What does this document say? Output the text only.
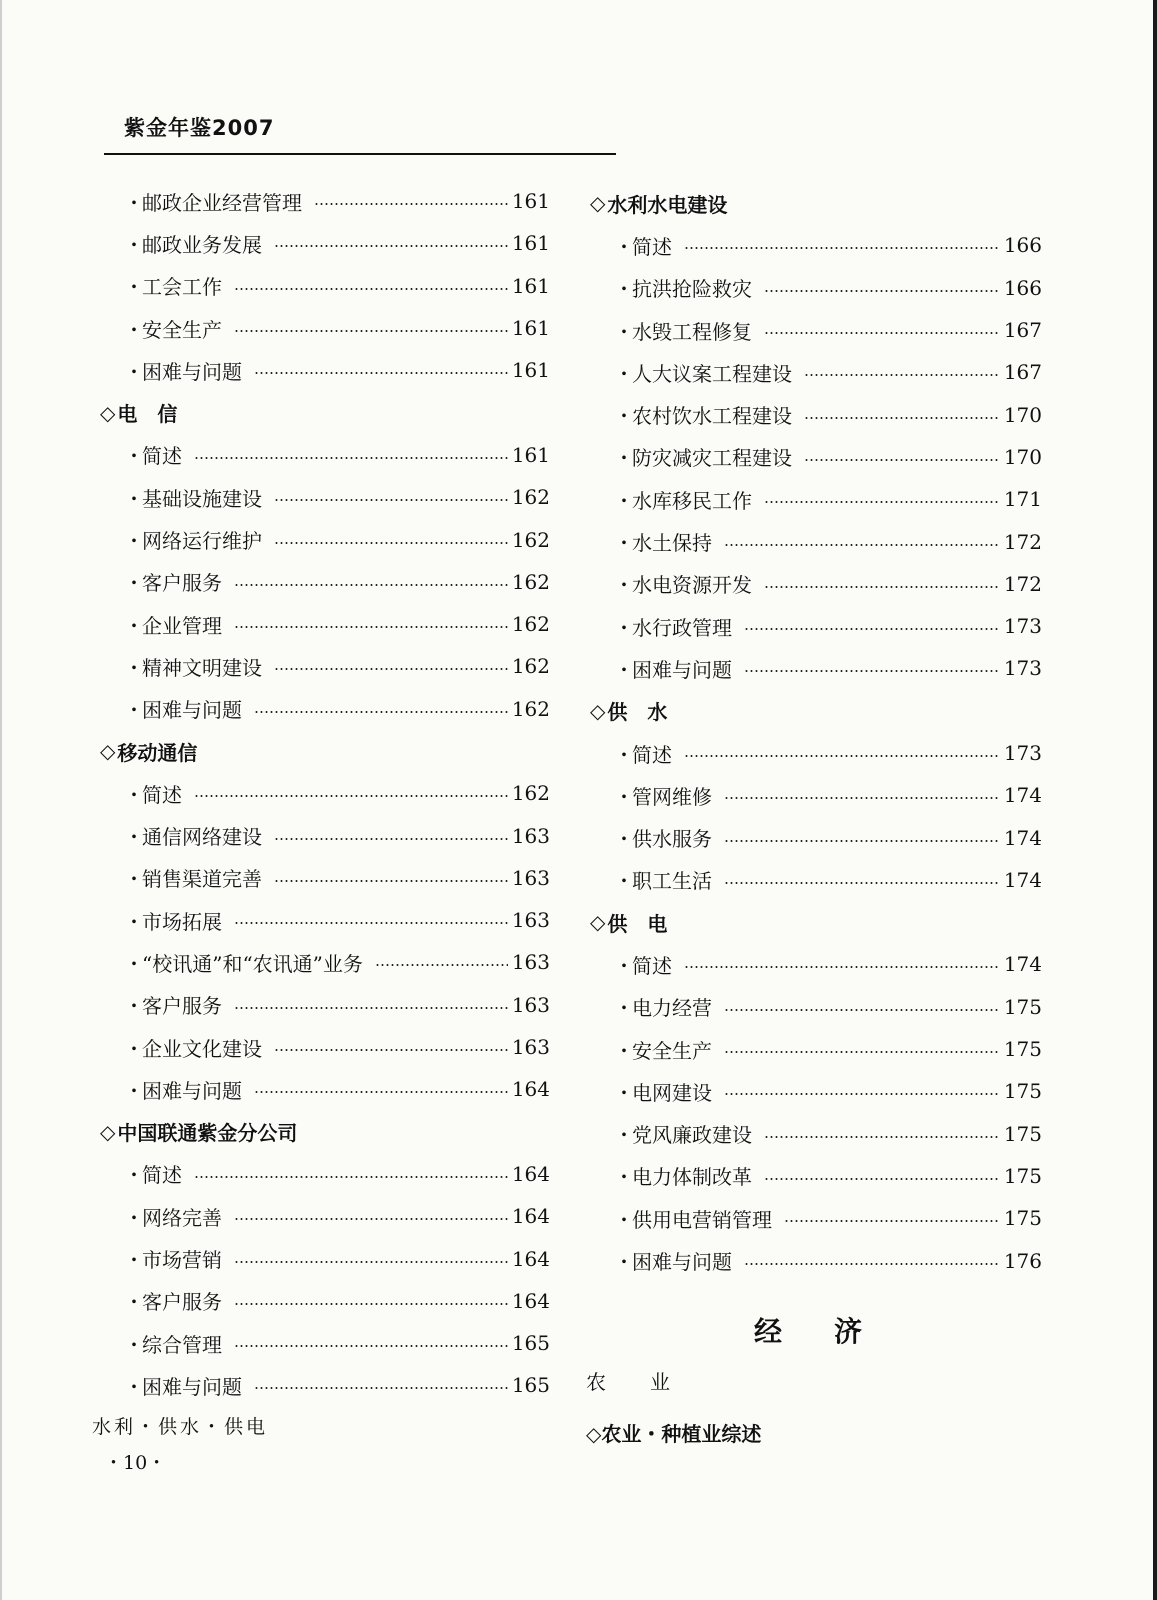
紫金年鉴2007
・
邮政企业经营管理	161
・
邮政业务发展	161
・
工会工作	161
・
安全生产	161
・
困难与问题	161
◇ 电　信
・
简述	161
・
基础设施建设	162
・
网络运行维护	162
・
客户服务	162
・
企业管理	162
・
精神文明建设	162
・
困难与问题	162
◇ 移动通信
・
简述	162
・
通信网络建设	163
・
销售渠道完善	163
・
市场拓展	163
・
“校讯通”和“农讯通”业务	163
・
客户服务	163
・
企业文化建设	163
・
困难与问题	164
◇ 中国联通紫金分公司
・
简述	164
・
网络完善	164
・
市场营销	164
・
客户服务	164
・
综合管理	165
・
困难与问题	165
◇ 水利水电建设
・
简述	166
・
抗洪抢险救灾	166
・
水毁工程修复	167
・
人大议案工程建设	167
・
农村饮水工程建设	170
・
防灾减灾工程建设	170
・
水库移民工作	171
・
水土保持	172
・
水电资源开发	172
・
水行政管理	173
・
困难与问题	173
◇ 供　水
・
简述	173
・
管网维修	174
・
供水服务	174
・
职工生活	174
◇ 供　电
・
简述	174
・
电力经营	175
・
安全生产	175
・
电网建设	175
・
党风廉政建设	175
・
电力体制改革	175
・
供用电营销管理	175
・
困难与问题	176
经济
农业
◇农业・种植业综述
水利・供水・供电
・10・
